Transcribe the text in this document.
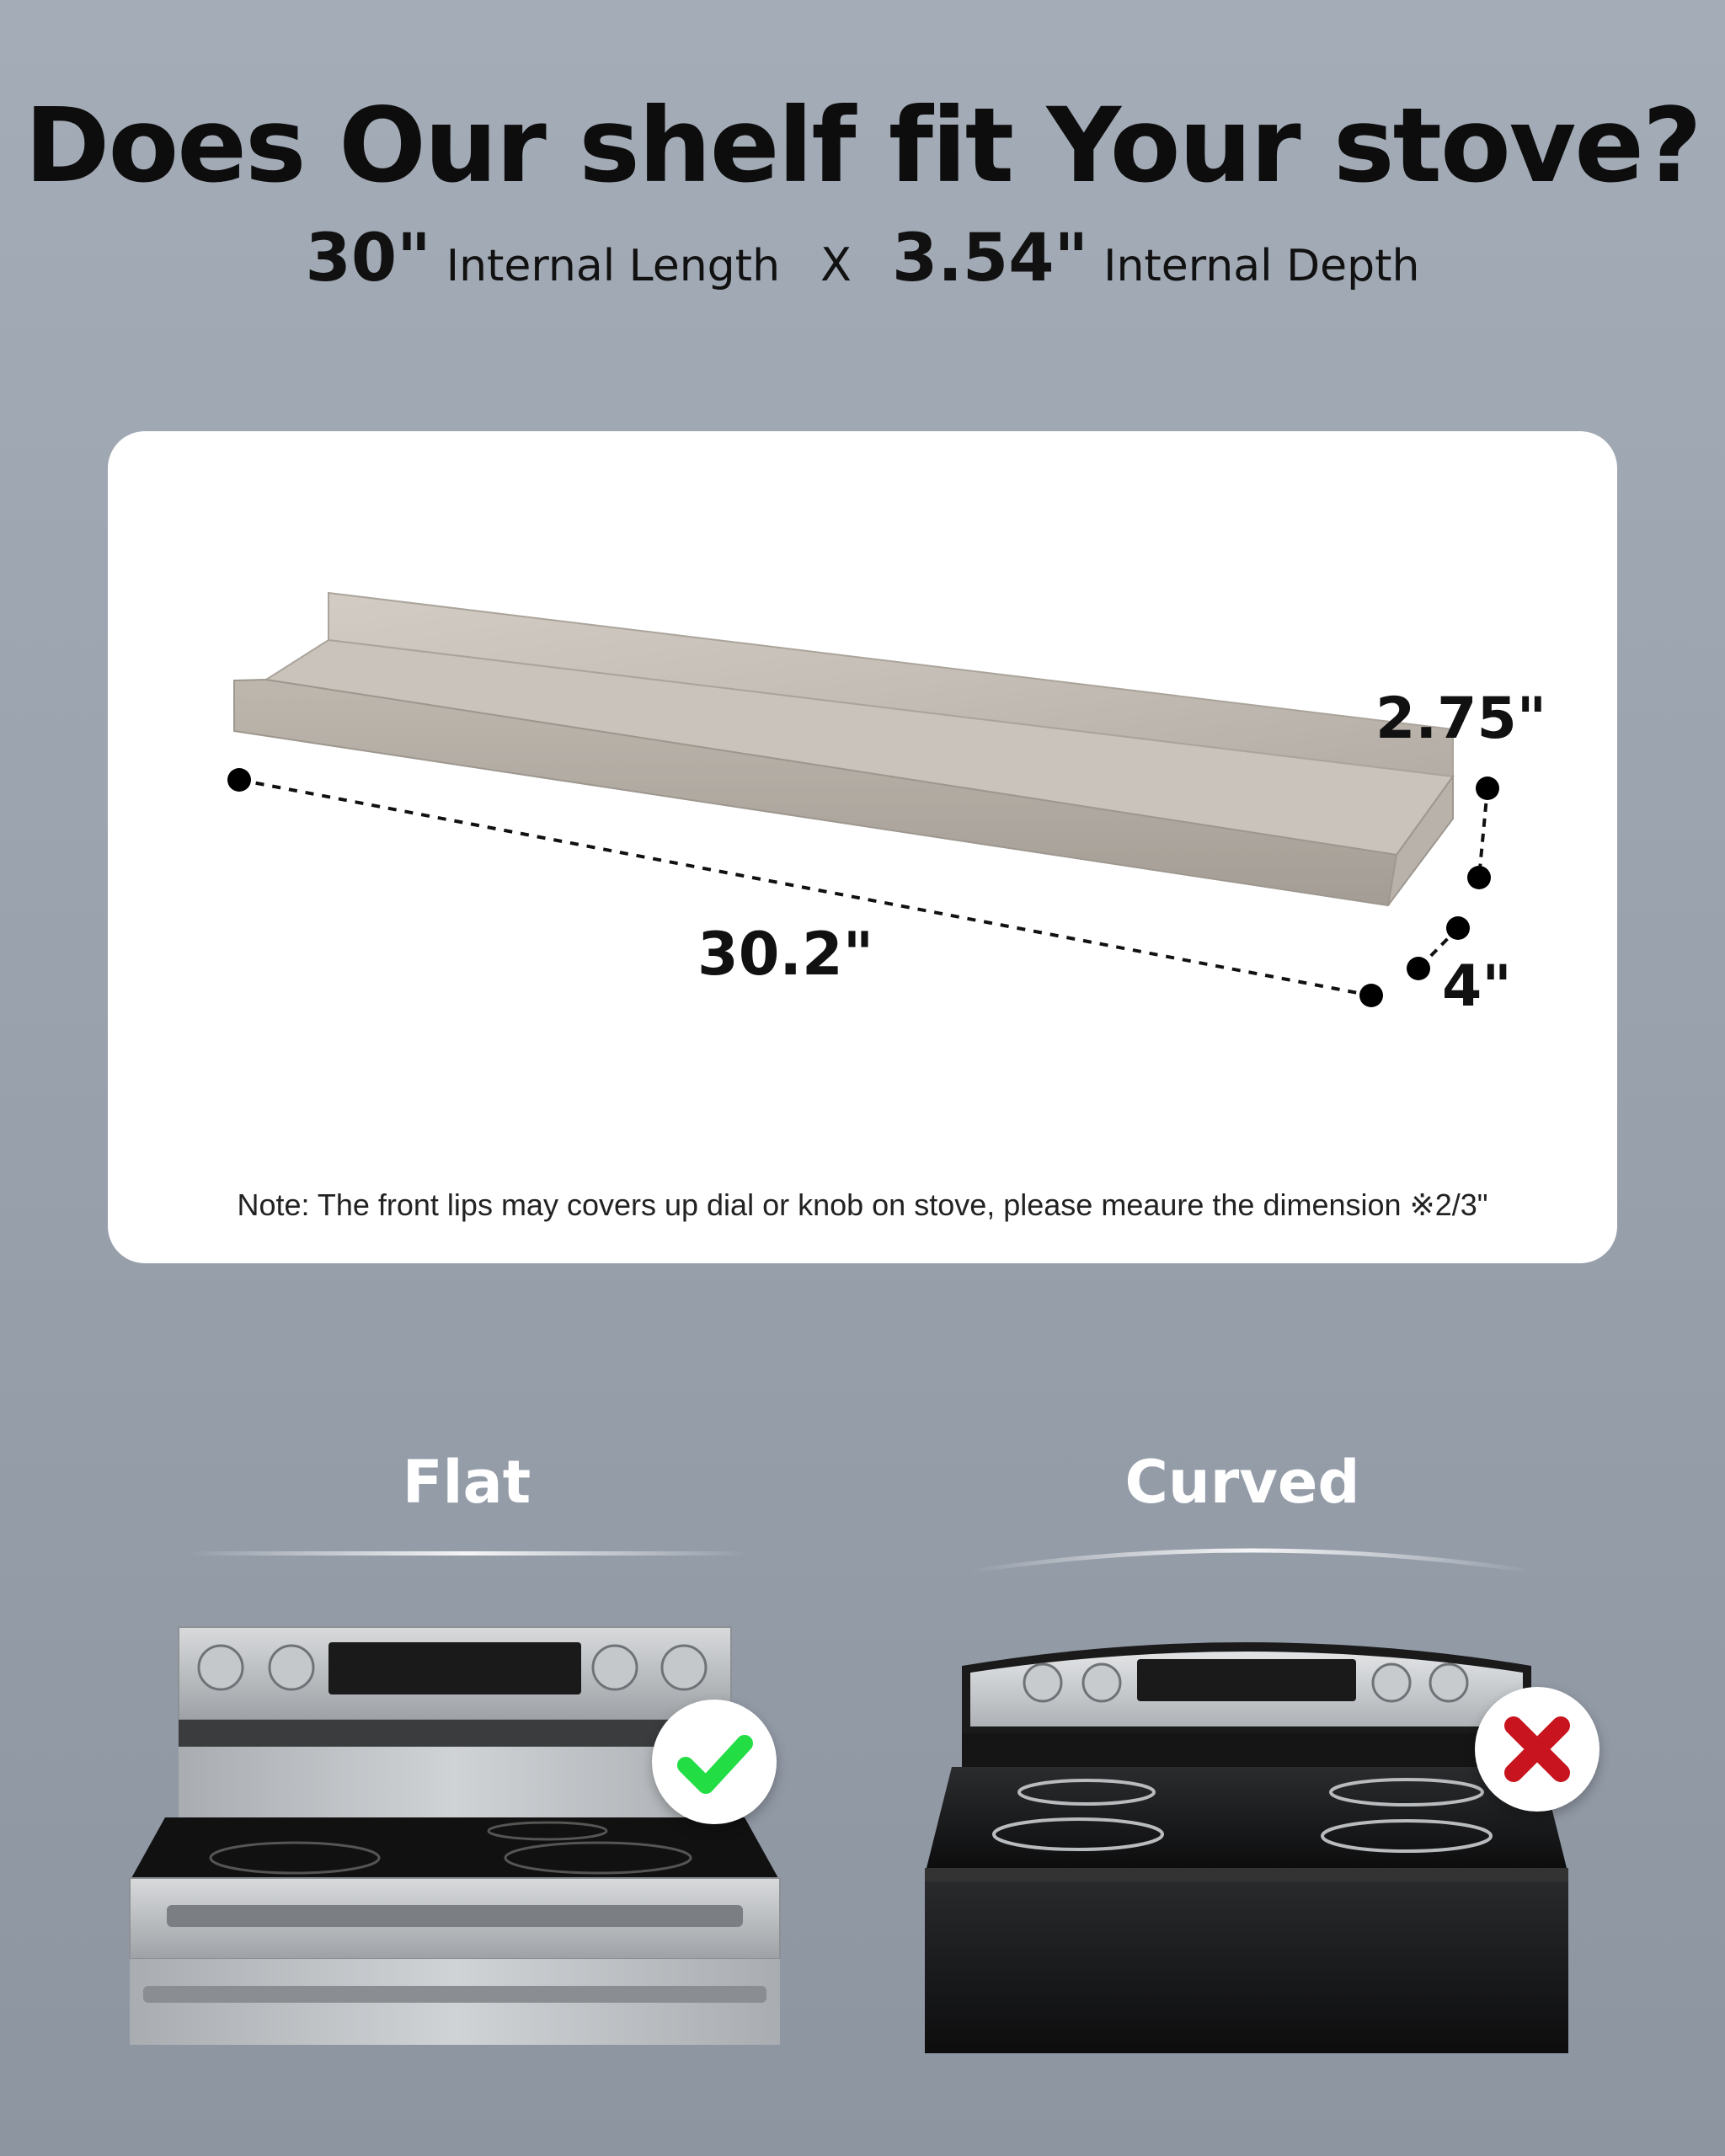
Does Our shelf fit Your stove?
30" Internal Length X 3.54" Internal Depth
30.2"
2.75"
4"
Note: The front lips may covers up dial or knob on stove, please meaure the dimension ※2/3"
Flat	Curved
